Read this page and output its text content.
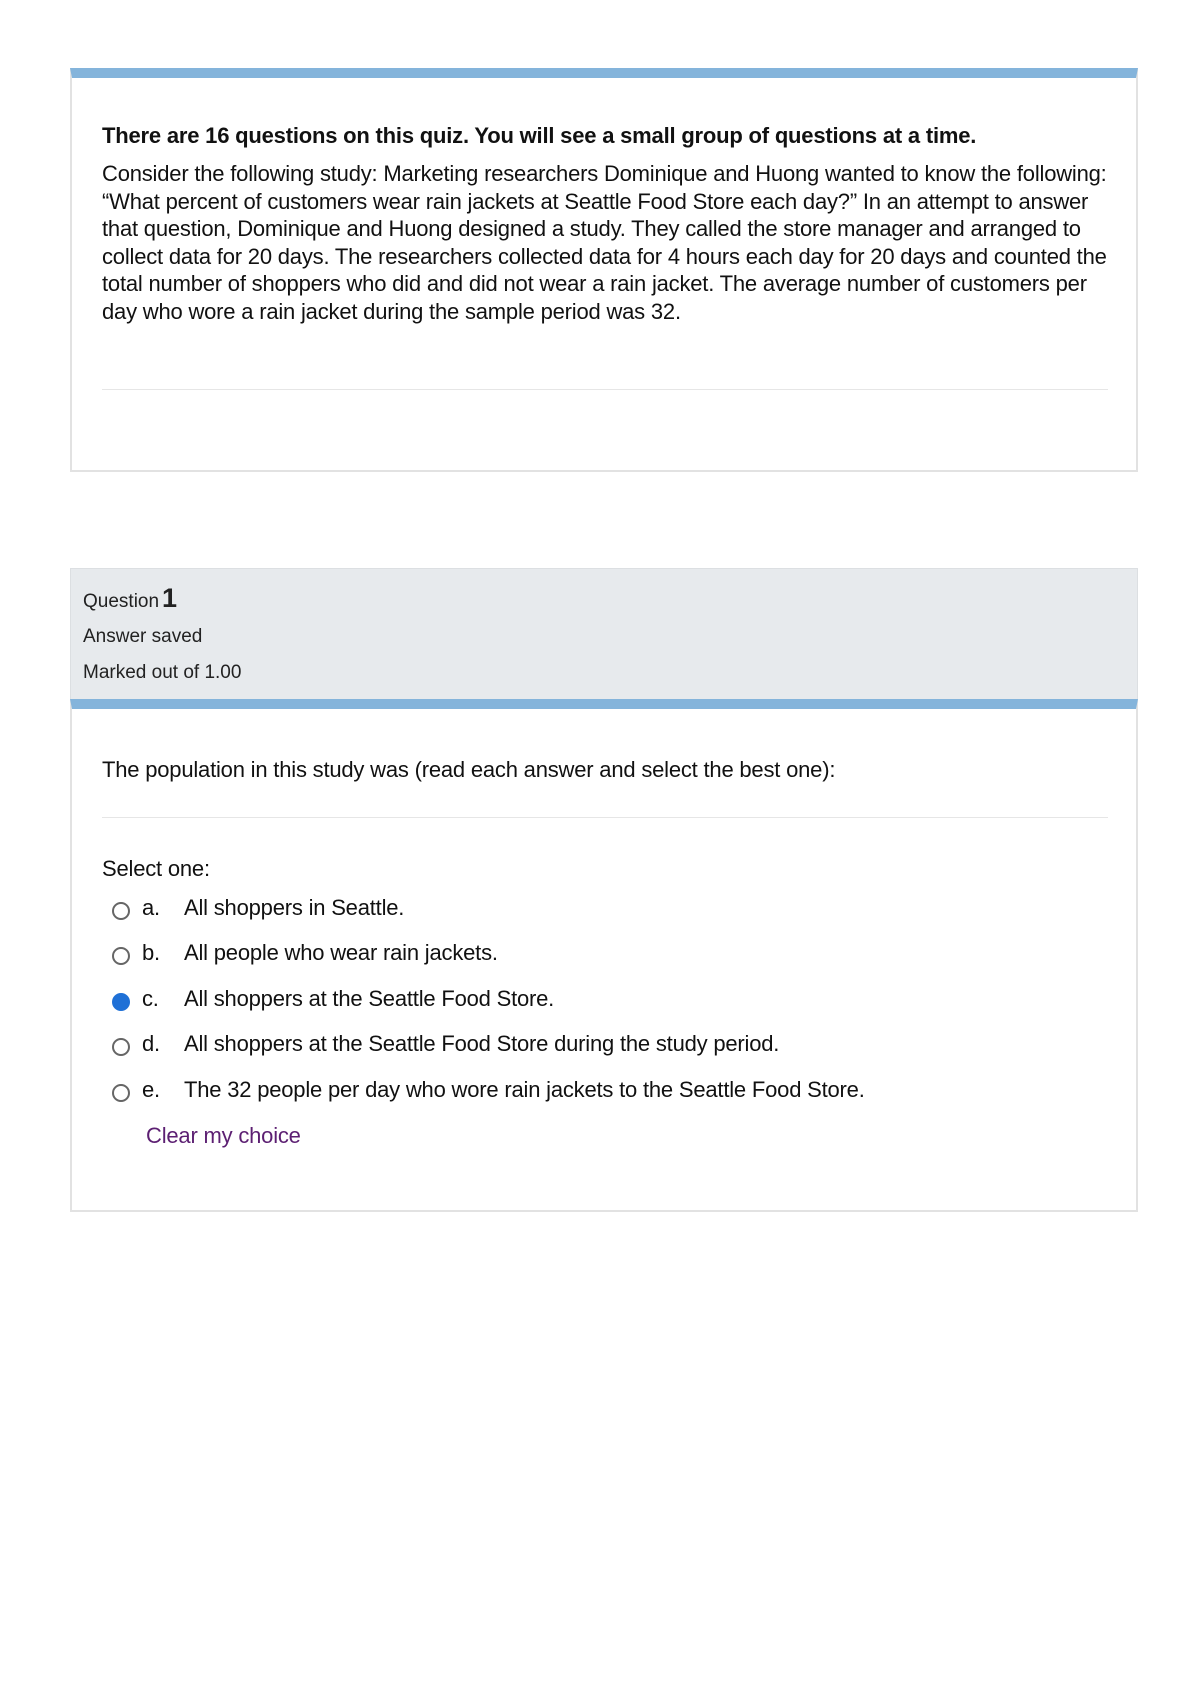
There are 16 questions on this quiz. You will see a small group of questions at a time.

Consider the following study: Marketing researchers Dominique and Huong wanted to know the following: “What percent of customers wear rain jackets at Seattle Food Store each day?” In an attempt to answer that question, Dominique and Huong designed a study. They called the store manager and arranged to collect data for 20 days. The researchers collected data for 4 hours each day for 20 days and counted the total number of shoppers who did and did not wear a rain jacket. The average number of customers per day who wore a rain jacket during the sample period was 32.

Question 1
Answer saved
Marked out of 1.00
The population in this study was (read each answer and select the best one):
Select one:
a.	All shoppers in Seattle.
b.	All people who wear rain jackets.
c.	All shoppers at the Seattle Food Store.
d.	All shoppers at the Seattle Food Store during the study period.
e.	The 32 people per day who wore rain jackets to the Seattle Food Store.
Clear my choice
